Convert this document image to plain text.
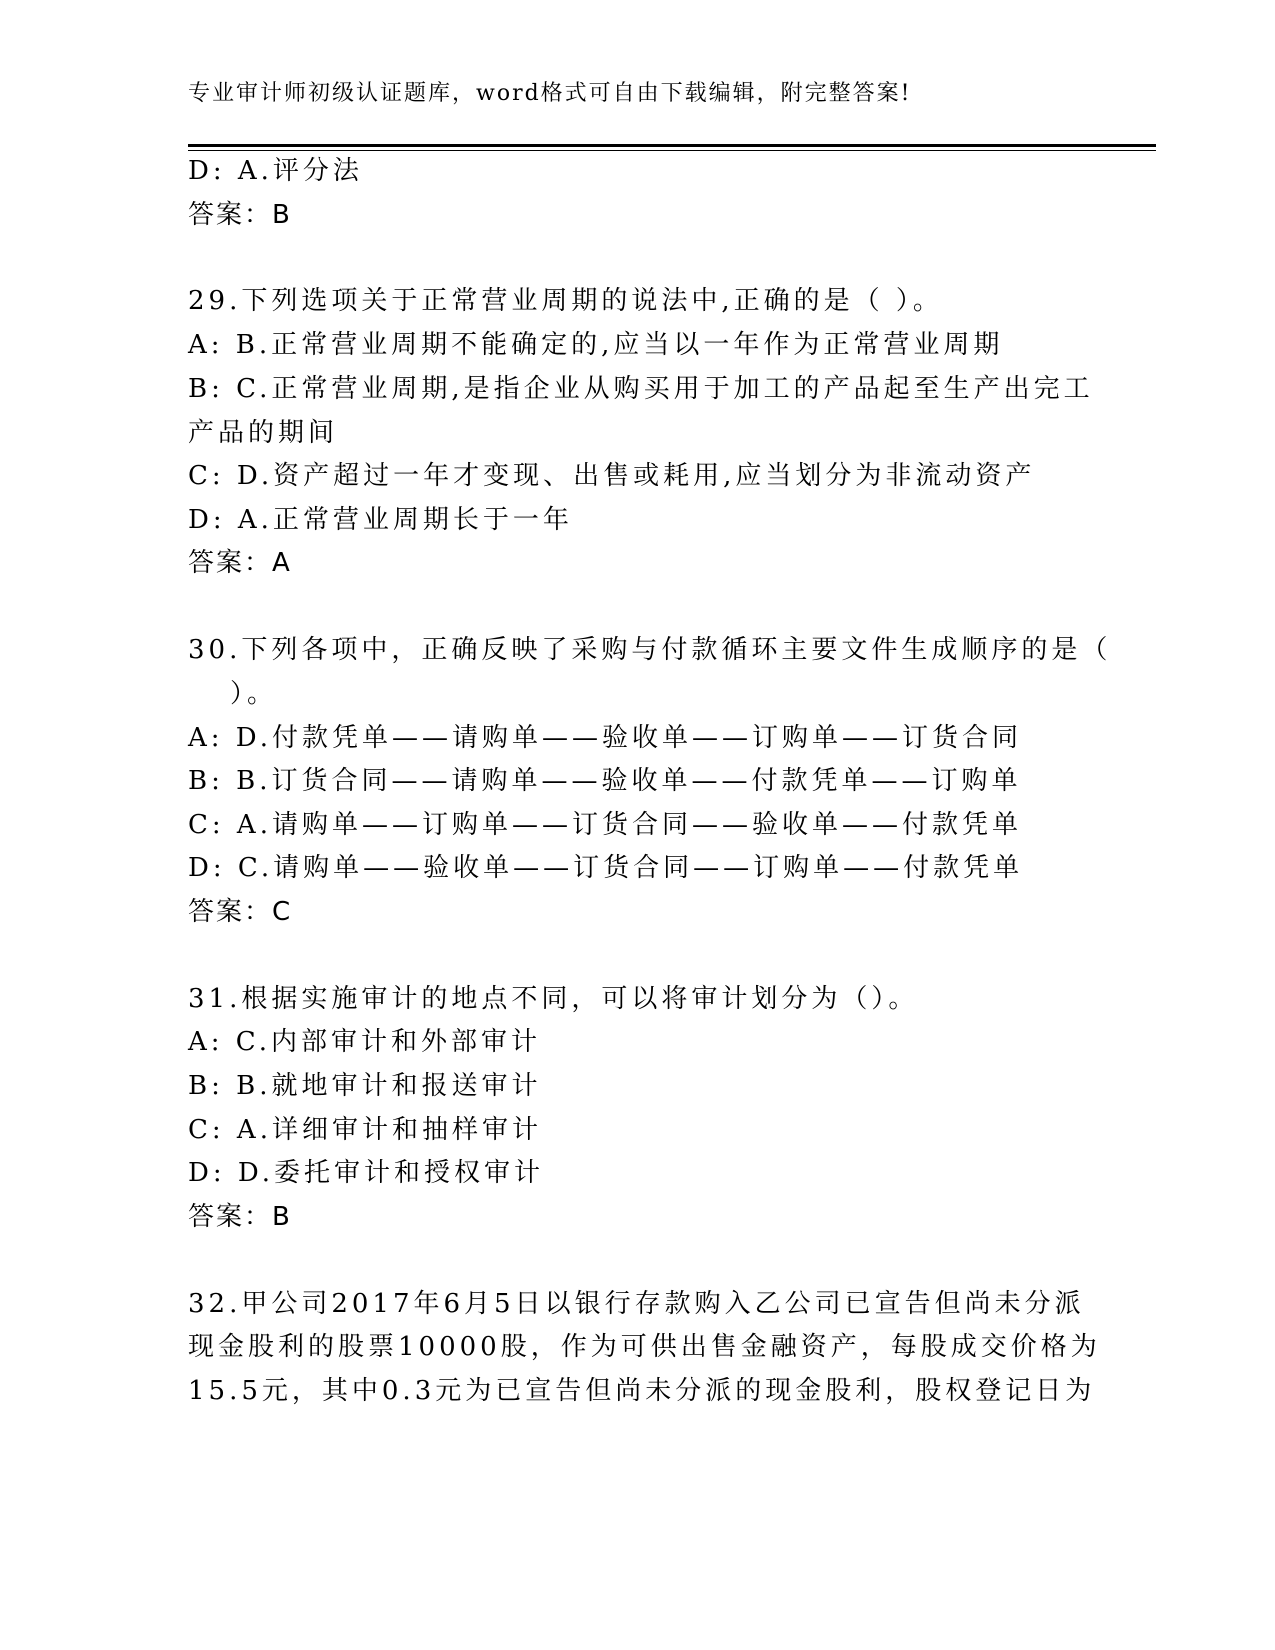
专业审计师初级认证题库，word格式可自由下载编辑，附完整答案!
D: A.评分法
答案：B
29.下列选项关于正常营业周期的说法中,正确的是（ ）。
A: B.正常营业周期不能确定的,应当以一年作为正常营业周期
B: C.正常营业周期,是指企业从购买用于加工的产品起至生产出完工
产品的期间
C: D.资产超过一年才变现、出售或耗用,应当划分为非流动资产
D: A.正常营业周期长于一年
答案：A
30.下列各项中，正确反映了采购与付款循环主要文件生成顺序的是（
）。
A: D.付款凭单——请购单——验收单——订购单——订货合同
B: B.订货合同——请购单——验收单——付款凭单——订购单
C: A.请购单——订购单——订货合同——验收单——付款凭单
D: C.请购单——验收单——订货合同——订购单——付款凭单
答案：C
31.根据实施审计的地点不同，可以将审计划分为（）。
A: C.内部审计和外部审计
B: B.就地审计和报送审计
C: A.详细审计和抽样审计
D: D.委托审计和授权审计
答案：B
32.甲公司2017年6月5日以银行存款购入乙公司已宣告但尚未分派
现金股利的股票10000股，作为可供出售金融资产，每股成交价格为
15.5元，其中0.3元为已宣告但尚未分派的现金股利，股权登记日为
